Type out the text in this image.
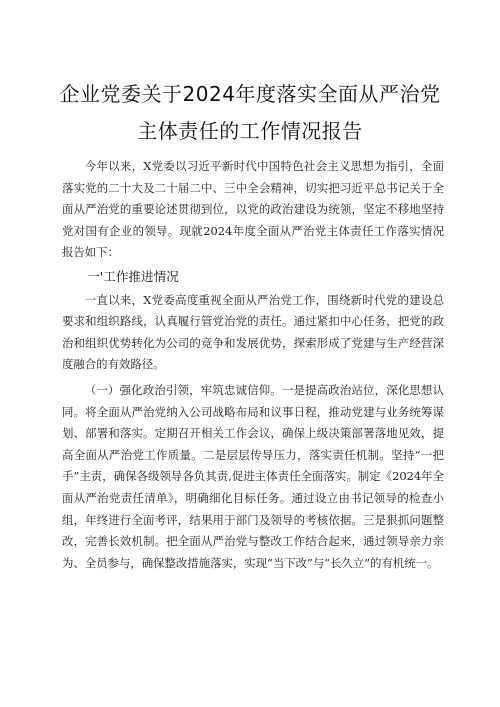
企业党委关于2024年度落实全面从严治党
主体责任的工作情况报告

今年以来，X党委以习近平新时代中国特色社会主义思想为指引，全面落实党的二十大及二十届二中、三中全会精神，切实把习近平总书记关于全面从严治党的重要论述贯彻到位，以党的政治建设为统领，坚定不移地坚持党对国有企业的领导。现就2024年度全面从严治党主体责任工作落实情况报告如下：

一'工作推进情况

一直以来，X党委高度重视全面从严治党工作，围绕新时代党的建设总要求和组织路线，认真履行管党治党的责任。通过紧扣中心任务，把党的政治和组织优势转化为公司的竞争和发展优势，探索形成了党建与生产经营深度融合的有效路径。

（一）强化政治引领，牢筑忠诚信仰。一是提高政治站位，深化思想认同。将全面从严治党纳入公司战略布局和议事日程，推动党建与业务统筹谋划、部署和落实。定期召开相关工作会议，确保上级决策部署落地见效，提高全面从严治党工作质量。二是层层传导压力，落实责任机制。坚持“一把手”主责，确保各级领导各负其责,促进主体责任全面落实。制定《2024年全面从严治党责任清单》，明确细化目标任务。通过设立由书记领导的检查小组，年终进行全面考评，结果用于部门及领导的考核依据。三是狠抓问题整改，完善长效机制。把全面从严治党与整改工作结合起来，通过领导亲力亲为、全员参与，确保整改措施落实，实现“当下改”与“长久立”的有机统一。
